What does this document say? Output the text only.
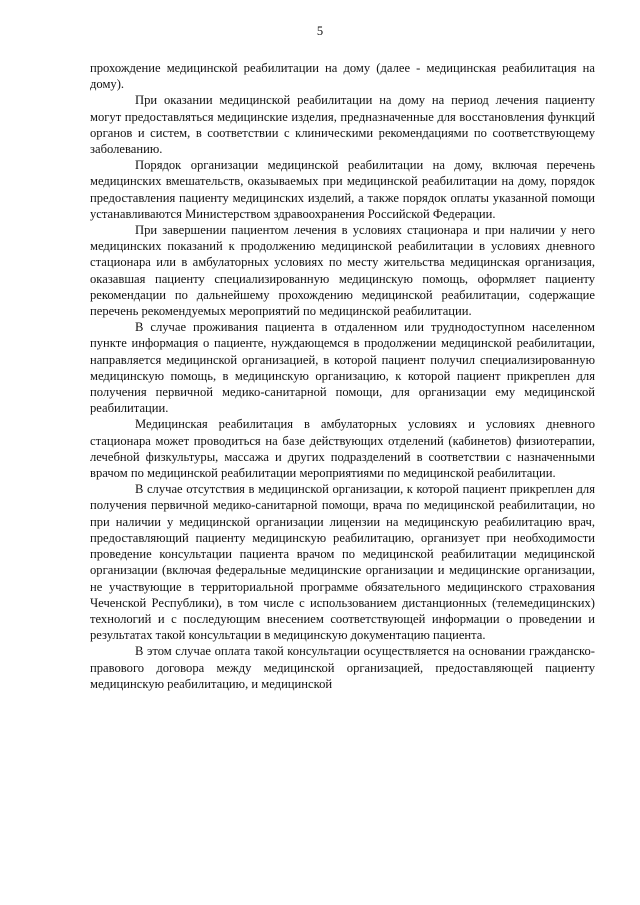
5

прохождение медицинской реабилитации на дому (далее - медицинская реабилитация на дому).

При оказании медицинской реабилитации на дому на период лечения пациенту могут предоставляться медицинские изделия, предназначенные для восстановления функций органов и систем, в соответствии с клиническими рекомендациями по соответствующему заболеванию.

Порядок организации медицинской реабилитации на дому, включая перечень медицинских вмешательств, оказываемых при медицинской реабилитации на дому, порядок предоставления пациенту медицинских изделий, а также порядок оплаты указанной помощи устанавливаются Министерством здравоохранения Российской Федерации.

При завершении пациентом лечения в условиях стационара и при наличии у него медицинских показаний к продолжению медицинской реабилитации в условиях дневного стационара или в амбулаторных условиях по месту жительства медицинская организация, оказавшая пациенту специализированную медицинскую помощь, оформляет пациенту рекомендации по дальнейшему прохождению медицинской реабилитации, содержащие перечень рекомендуемых мероприятий по медицинской реабилитации.

В случае проживания пациента в отдаленном или труднодоступном населенном пункте информация о пациенте, нуждающемся в продолжении медицинской реабилитации, направляется медицинской организацией, в которой пациент получил специализированную медицинскую помощь, в медицинскую организацию, к которой пациент прикреплен для получения первичной медико-санитарной помощи, для организации ему медицинской реабилитации.

Медицинская реабилитация в амбулаторных условиях и условиях дневного стационара может проводиться на базе действующих отделений (кабинетов) физиотерапии, лечебной физкультуры, массажа и других подразделений в соответствии с назначенными врачом по медицинской реабилитации мероприятиями по медицинской реабилитации.

В случае отсутствия в медицинской организации, к которой пациент прикреплен для получения первичной медико-санитарной помощи, врача по медицинской реабилитации, но при наличии у медицинской организации лицензии на медицинскую реабилитацию врач, предоставляющий пациенту медицинскую реабилитацию, организует при необходимости проведение консультации пациента врачом по медицинской реабилитации медицинской организации (включая федеральные медицинские организации и медицинские организации, не участвующие в территориальной программе обязательного медицинского страхования Чеченской Республики), в том числе с использованием дистанционных (телемедицинских) технологий и с последующим внесением соответствующей информации о проведении и результатах такой консультации в медицинскую документацию пациента.

В этом случае оплата такой консультации осуществляется на основании гражданско-правового договора между медицинской организацией, предоставляющей пациенту медицинскую реабилитацию, и медицинской
